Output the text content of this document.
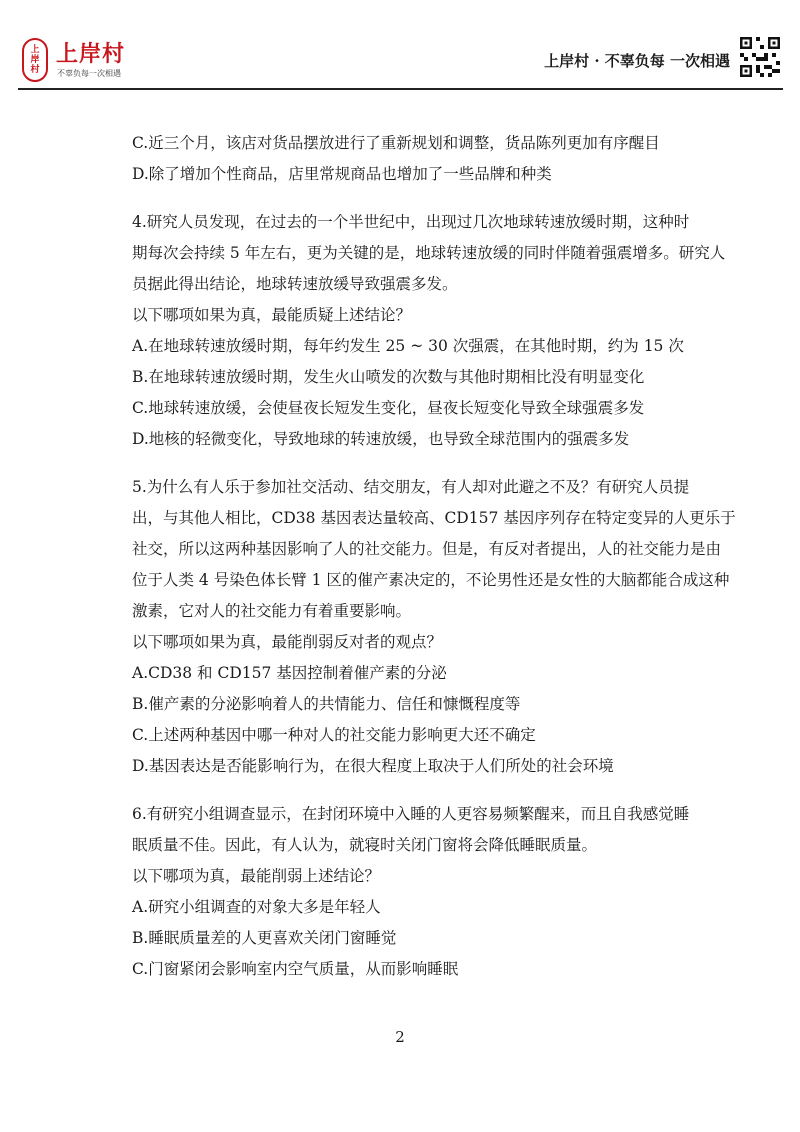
上
岸
村
上岸村
不辜负每一次相遇
上岸村 · 不辜负每 一次相遇
C.近三个月，该店对货品摆放进行了重新规划和调整，货品陈列更加有序醒目
D.除了增加个性商品，店里常规商品也增加了一些品牌和种类
4.研究人员发现，在过去的一个半世纪中，出现过几次地球转速放缓时期，这种时
期每次会持续 5 年左右，更为关键的是，地球转速放缓的同时伴随着强震增多。研究人
员据此得出结论，地球转速放缓导致强震多发。
以下哪项如果为真，最能质疑上述结论？
A.在地球转速放缓时期，每年约发生 25 ~ 30 次强震，在其他时期，约为 15 次
B.在地球转速放缓时期，发生火山喷发的次数与其他时期相比没有明显变化
C.地球转速放缓，会使昼夜长短发生变化，昼夜长短变化导致全球强震多发
D.地核的轻微变化，导致地球的转速放缓，也导致全球范围内的强震多发
5.为什么有人乐于参加社交活动、结交朋友，有人却对此避之不及？有研究人员提
出，与其他人相比，CD38 基因表达量较高、CD157 基因序列存在特定变异的人更乐于
社交，所以这两种基因影响了人的社交能力。但是，有反对者提出，人的社交能力是由
位于人类 4 号染色体长臂 1 区的催产素决定的，不论男性还是女性的大脑都能合成这种
激素，它对人的社交能力有着重要影响。
以下哪项如果为真，最能削弱反对者的观点？
A.CD38 和 CD157 基因控制着催产素的分泌
B.催产素的分泌影响着人的共情能力、信任和慷慨程度等
C.上述两种基因中哪一种对人的社交能力影响更大还不确定
D.基因表达是否能影响行为，在很大程度上取决于人们所处的社会环境
6.有研究小组调查显示，在封闭环境中入睡的人更容易频繁醒来，而且自我感觉睡
眠质量不佳。因此，有人认为，就寝时关闭门窗将会降低睡眠质量。
以下哪项为真，最能削弱上述结论？
A.研究小组调查的对象大多是年轻人
B.睡眠质量差的人更喜欢关闭门窗睡觉
C.门窗紧闭会影响室内空气质量，从而影响睡眠
2
